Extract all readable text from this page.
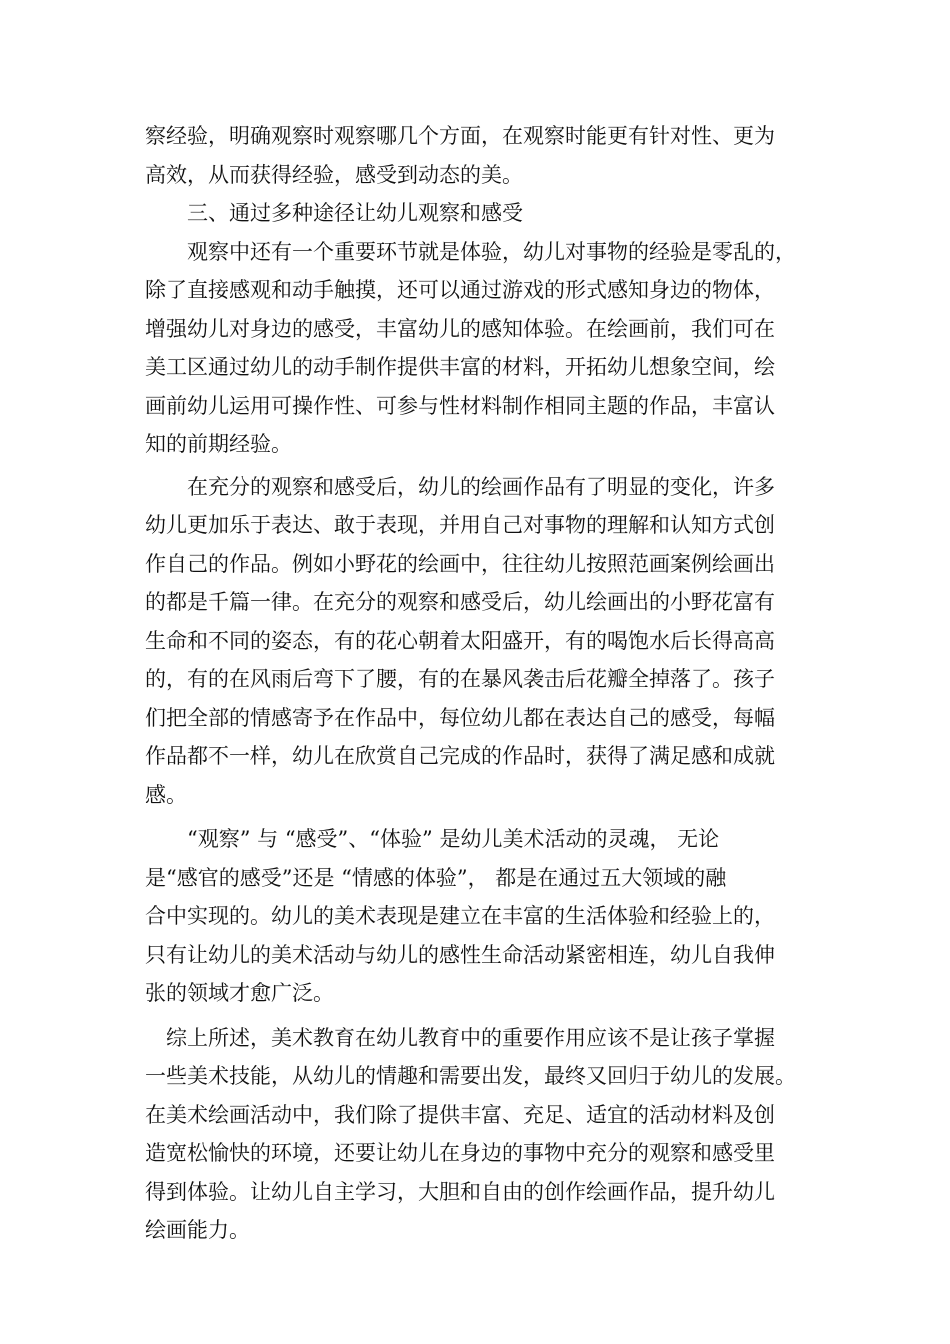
察经验，明确观察时观察哪几个方面，在观察时能更有针对性、更为
高效，从而获得经验，感受到动态的美。

　　三、通过多种途径让幼儿观察和感受

　　观察中还有一个重要环节就是体验，幼儿对事物的经验是零乱的，
除了直接感观和动手触摸，还可以通过游戏的形式感知身边的物体，
增强幼儿对身边的感受，丰富幼儿的感知体验。在绘画前，我们可在
美工区通过幼儿的动手制作提供丰富的材料，开拓幼儿想象空间，绘
画前幼儿运用可操作性、可参与性材料制作相同主题的作品，丰富认
知的前期经验。

　　在充分的观察和感受后，幼儿的绘画作品有了明显的变化，许多
幼儿更加乐于表达、敢于表现，并用自己对事物的理解和认知方式创
作自己的作品。例如小野花的绘画中，往往幼儿按照范画案例绘画出
的都是千篇一律。在充分的观察和感受后，幼儿绘画出的小野花富有
生命和不同的姿态，有的花心朝着太阳盛开，有的喝饱水后长得高高
的，有的在风雨后弯下了腰，有的在暴风袭击后花瓣全掉落了。孩子
们把全部的情感寄予在作品中，每位幼儿都在表达自己的感受，每幅
作品都不一样，幼儿在欣赏自己完成的作品时，获得了满足感和成就
感。

　　“观察” 与 “感受”、“体验” 是幼儿美术活动的灵魂， 无论
是“感官的感受”还是 “情感的体验”， 都是在通过五大领域的融
合中实现的。幼儿的美术表现是建立在丰富的生活体验和经验上的，
只有让幼儿的美术活动与幼儿的感性生命活动紧密相连，幼儿自我伸
张的领域才愈广泛。

　综上所述，美术教育在幼儿教育中的重要作用应该不是让孩子掌握
一些美术技能，从幼儿的情趣和需要出发，最终又回归于幼儿的发展。
在美术绘画活动中，我们除了提供丰富、充足、适宜的活动材料及创
造宽松愉快的环境，还要让幼儿在身边的事物中充分的观察和感受里
得到体验。让幼儿自主学习，大胆和自由的创作绘画作品，提升幼儿
绘画能力。
